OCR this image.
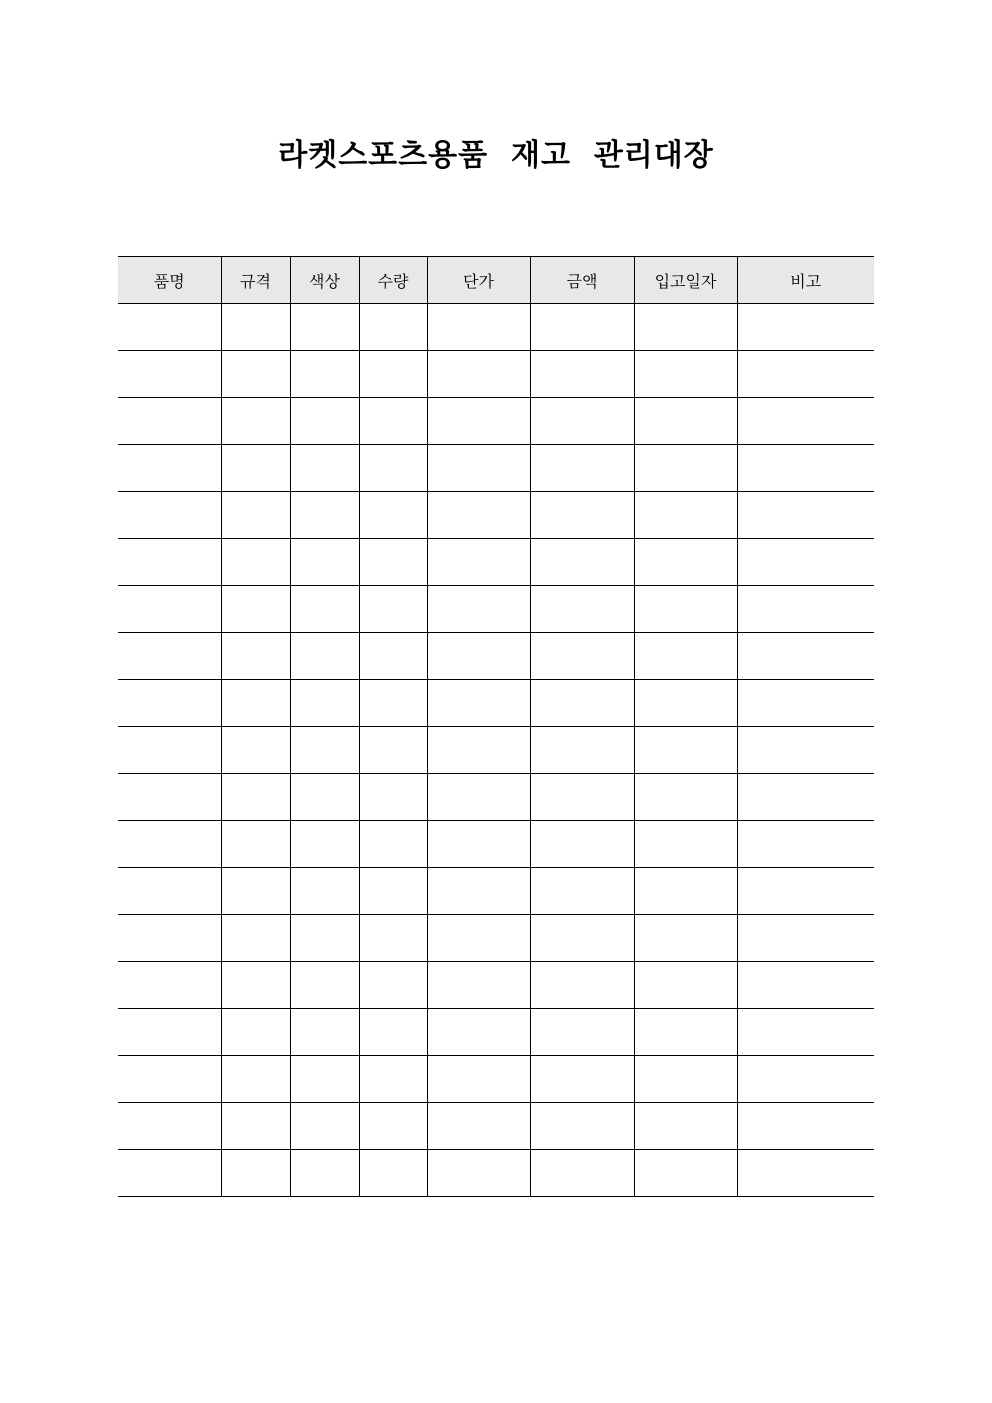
라켓스포츠용품  재고  관리대장
품명	규격	색상	수량	단가	금액	입고일자	비고
